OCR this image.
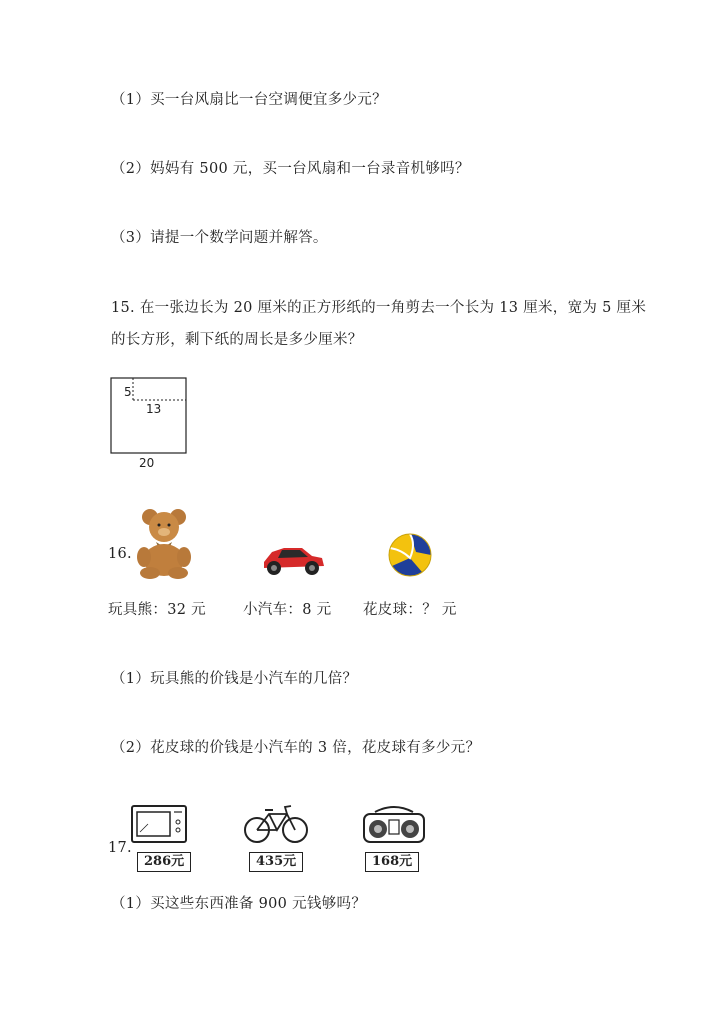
（1）买一台风扇比一台空调便宜多少元？
（2）妈妈有 500 元，买一台风扇和一台录音机够吗？
（3）请提一个数学问题并解答。
15. 在一张边长为 20 厘米的正方形纸的一角剪去一个长为 13 厘米，宽为 5 厘米
的长方形，剩下纸的周长是多少厘米？
5
13
20
16.
玩具熊：32 元	小汽车：8 元 花皮球：？ 元
（1）玩具熊的价钱是小汽车的几倍？
（2）花皮球的价钱是小汽车的 3 倍，花皮球有多少元？
17.
286元	435元	168元
（1）买这些东西准备 900 元钱够吗？
